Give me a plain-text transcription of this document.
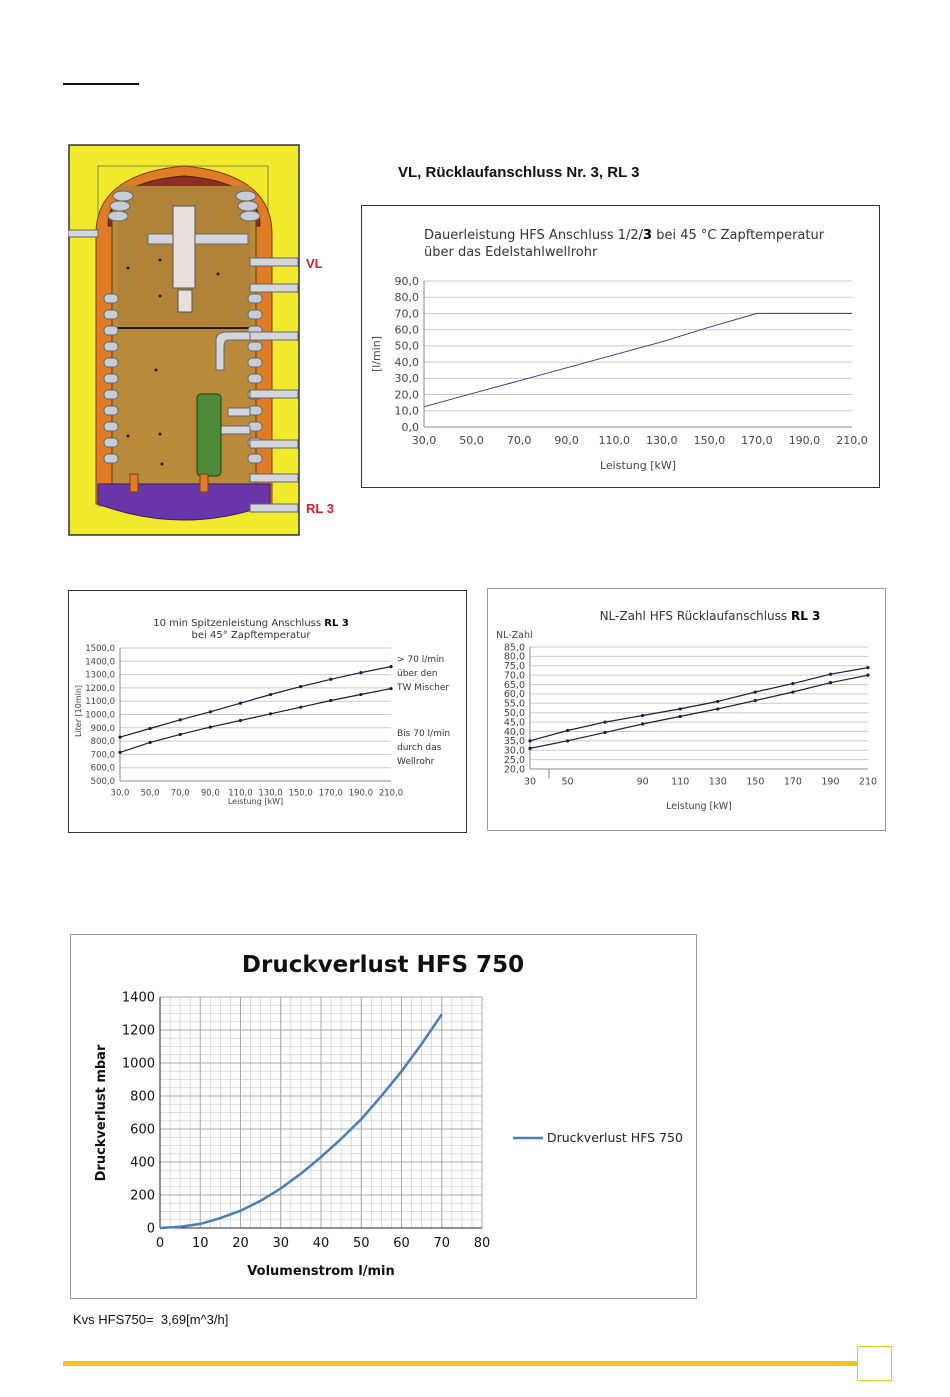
VL, Rücklaufanschluss Nr. 3, RL 3
VL
RL 3
0,0
10,0
20,0
30,0
40,0
50,0
60,0
70,0
80,0
90,0
30,0 50,0 70,0 90,0 110,0 130,0 150,0 170,0 190,0 210,0
Leistung [kW]
[l/min]
Dauerleistung HFS Anschluss 1/2/3 bei 45 °C Zapftemperatur
über das Edelstahlwellrohr
500,0
600,0
700,0
800,0
900,0
1000,0
1100,0
1200,0
1300,0
1400,0
1500,0
30,0 50,0 70,0 90,0 110,0 130,0 150,0 170,0 190,0 210,0
Leistung [kW]
Liter [10min]
10 min Spitzenleistung Anschluss RL 3
bei 45° Zapftemperatur
> 70 l/min
über den
TW Mischer
Bis 70 l/min
durch das
Wellrohr
20,0
25,0
30,0
35,0
40,0
45,0
50,0
55,0
60,0
65,0
70,0
75,0
80,0
85,0
30	50	90 110 130 150 170 190 210
Leistung [kW]
NL-Zahl
NL-Zahl HFS Rücklaufanschluss RL 3
0
200
400
600
800
1000
1200
1400
0 10 20 30 40 50 60 70 80
Volumenstrom l/min
Druckverlust mbar
Druckverlust HFS 750
Druckverlust HFS 750
Kvs HFS750= 3,69[m^3/h]
